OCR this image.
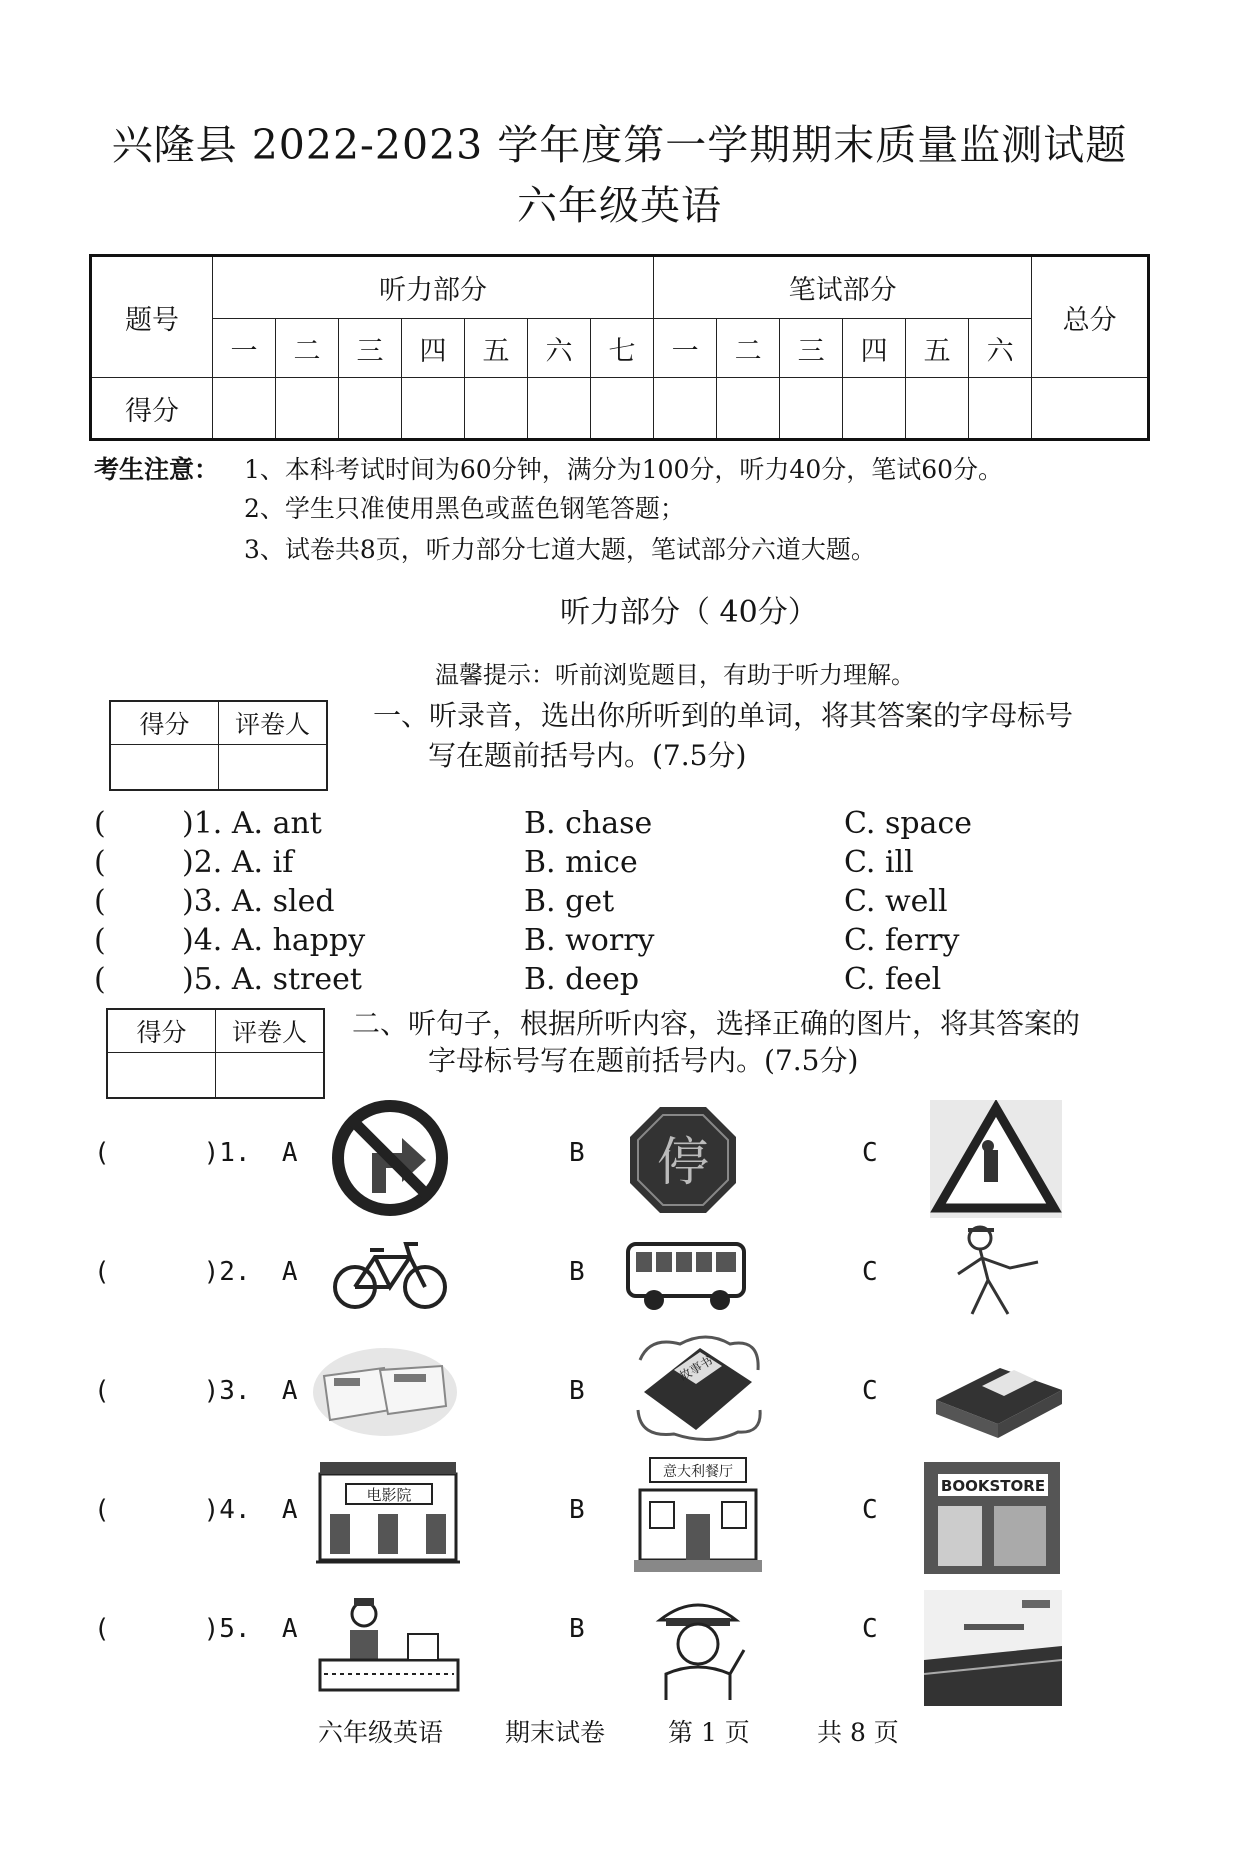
兴隆县 2022-2023 学年度第一学期期末质量监测试题
六年级英语
题号	听力部分							笔试部分						总分
	一	二	三	四	五	六	七	一	二	三	四	五	六	
得分														
考生注意： 1、本科考试时间为60分钟，满分为100分，听力40分，笔试60分。
2、学生只准使用黑色或蓝色钢笔答题；
3、试卷共8页，听力部分七道大题，笔试部分六道大题。
听力部分（ 40分）
温馨提示：听前浏览题目，有助于听力理解。
得分	评卷人
	一、听录音，选出你所听到的单词，将其答案的字母标号
写在题前括号内。(7.5分)
(        )1. A. ant	B. chase	C. space
(        )2. A. if	B. mice	C. ill
(        )3. A. sled	B. get	C. well
(        )4. A. happy	B. worry	C. ferry
(        )5. A. street	B. deep	C. feel
得分	评卷人
	二、听句子，根据所听内容，选择正确的图片，将其答案的
字母标号写在题前括号内。(7.5分)
(      )1.  A	B	C
(      )2.  A	B	C
(      )3.  A	B	C
(      )4.  A	B	C
(      )5.  A	B	C
停
故事书
电影院
意大利餐厅
BOOKSTORE
六年级英语 期末试卷	第 1 页	共 8 页
